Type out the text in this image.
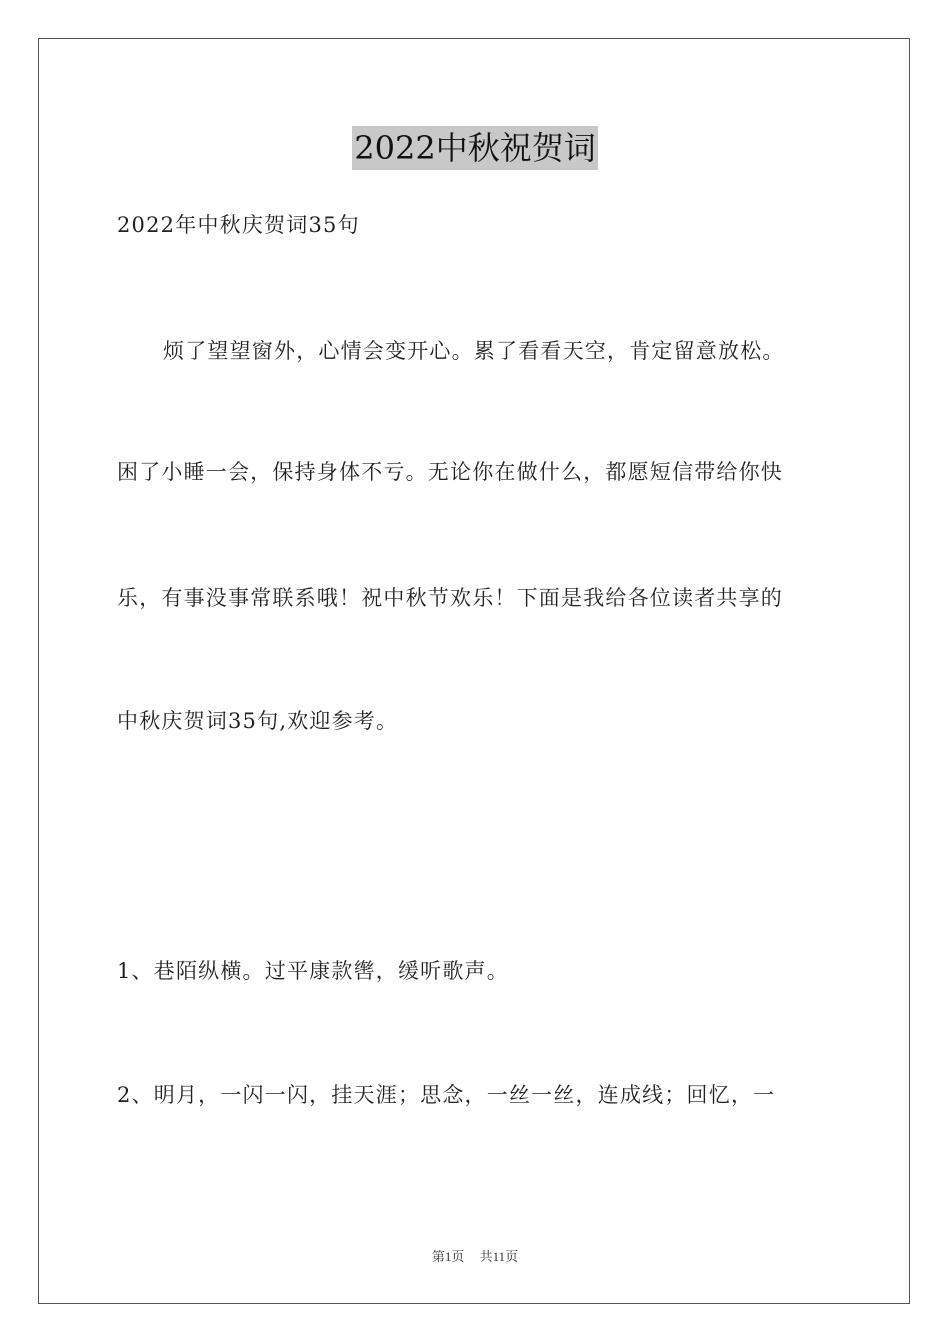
2022中秋祝贺词
2022年中秋庆贺词35句
烦了望望窗外，心情会变开心。累了看看天空，肯定留意放松。
困了小睡一会，保持身体不亏。无论你在做什么，都愿短信带给你快
乐，有事没事常联系哦！祝中秋节欢乐！下面是我给各位读者共享的
中秋庆贺词35句,欢迎参考。
1、巷陌纵横。过平康款辔，缓听歌声。
2、明月，一闪一闪，挂天涯；思念，一丝一丝，连成线；回忆，一
第1页 共11页
